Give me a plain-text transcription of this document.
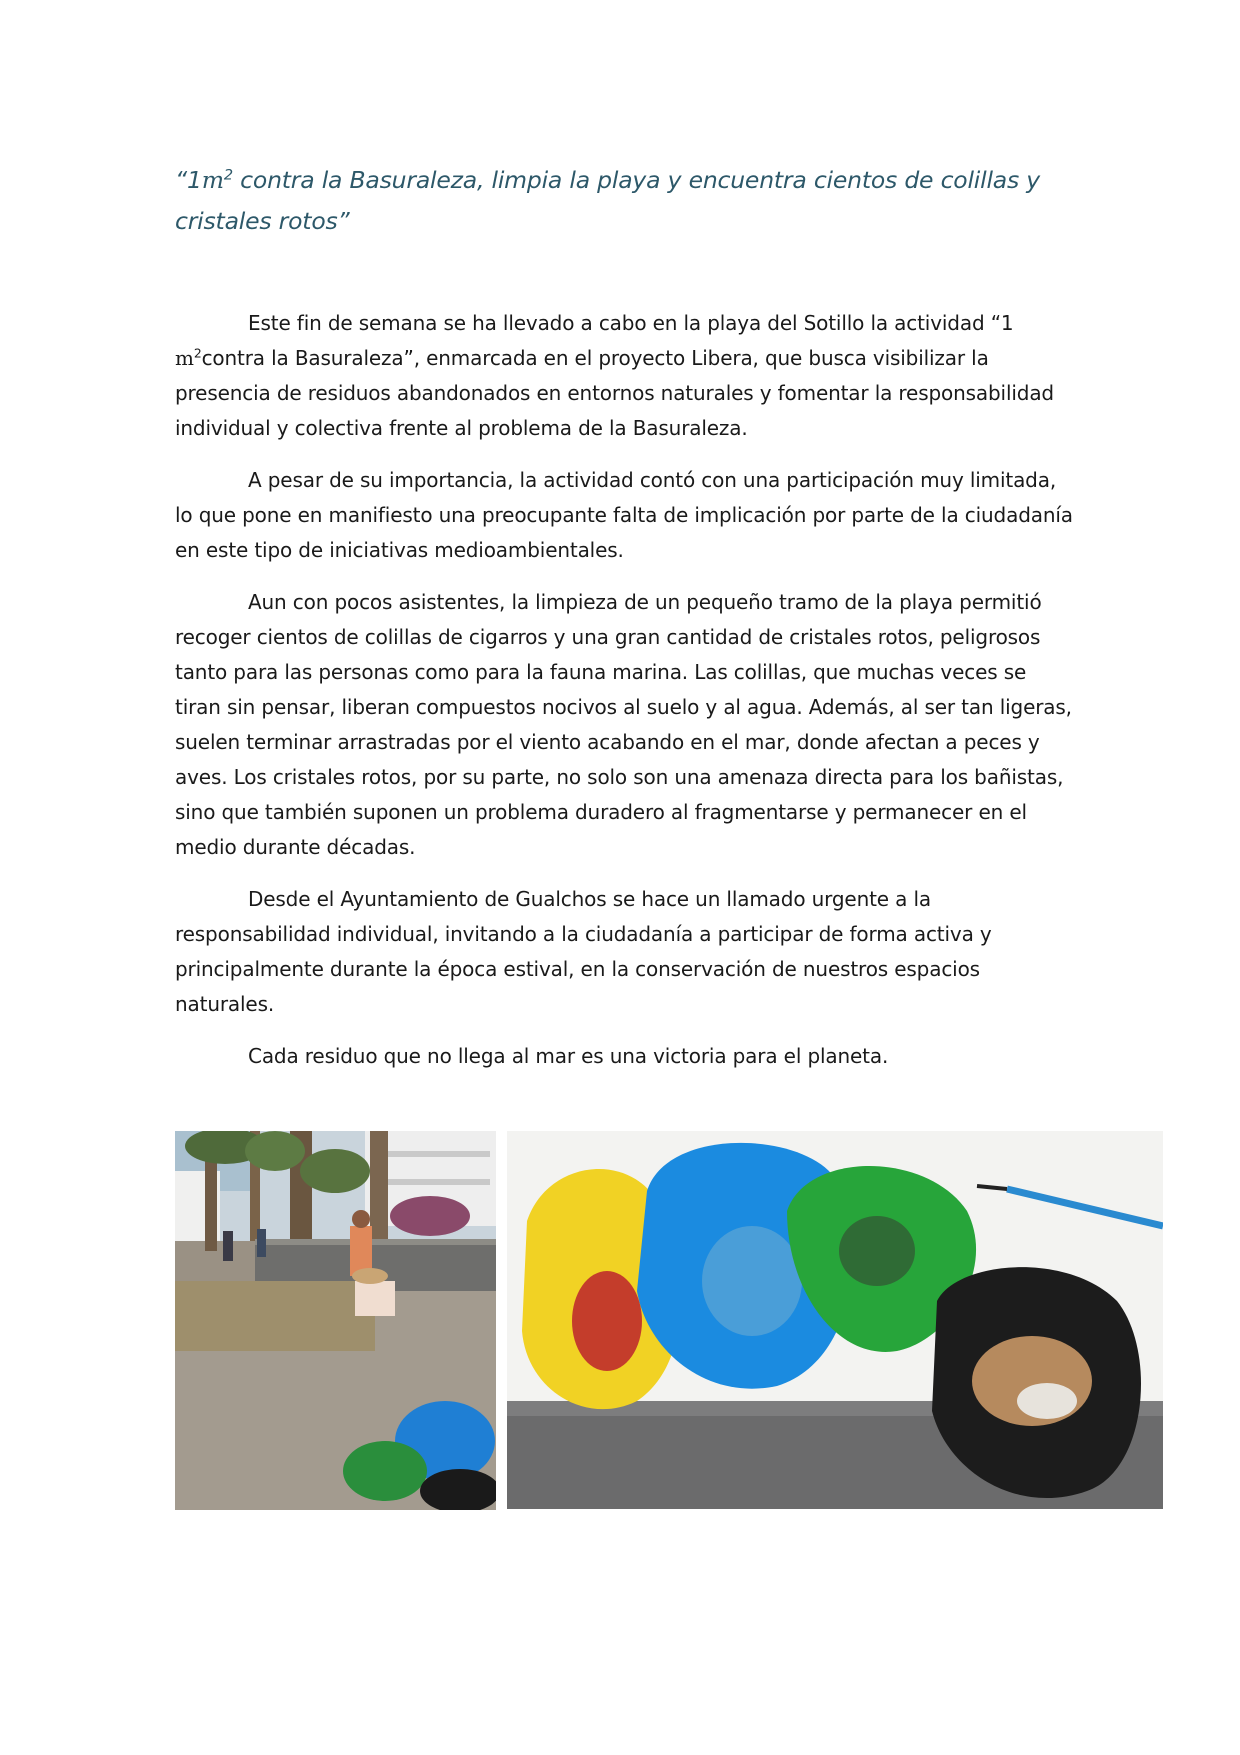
“$1m^2$ contra la Basuraleza, limpia la playa y encuentra cientos de colillas y cristales rotos”

Este fin de semana se ha llevado a cabo en la playa del Sotillo la actividad “1 $m^2contra$ la Basuraleza”, enmarcada en el proyecto Libera, que busca visibilizar la presencia de residuos abandonados en entornos naturales y fomentar la responsabilidad individual y colectiva frente al problema de la Basuraleza.

A pesar de su importancia, la actividad contó con una participación muy limitada, lo que pone en manifiesto una preocupante falta de implicación por parte de la ciudadanía en este tipo de iniciativas medioambientales.

Aun con pocos asistentes, la limpieza de un pequeño tramo de la playa permitió recoger cientos de colillas de cigarros y una gran cantidad de cristales rotos, peligrosos tanto para las personas como para la fauna marina. Las colillas, que muchas veces se tiran sin pensar, liberan compuestos nocivos al suelo y al agua. Además, al ser tan ligeras, suelen terminar arrastradas por el viento acabando en el mar, donde afectan a peces y aves. Los cristales rotos, por su parte, no solo son una amenaza directa para los bañistas, sino que también suponen un problema duradero al fragmentarse y permanecer en el medio durante décadas.

Desde el Ayuntamiento de Gualchos se hace un llamado urgente a la responsabilidad individual, invitando a la ciudadanía a participar de forma activa y principalmente durante la época estival, en la conservación de nuestros espacios naturales.

Cada residuo que no llega al mar es una victoria para el planeta.
